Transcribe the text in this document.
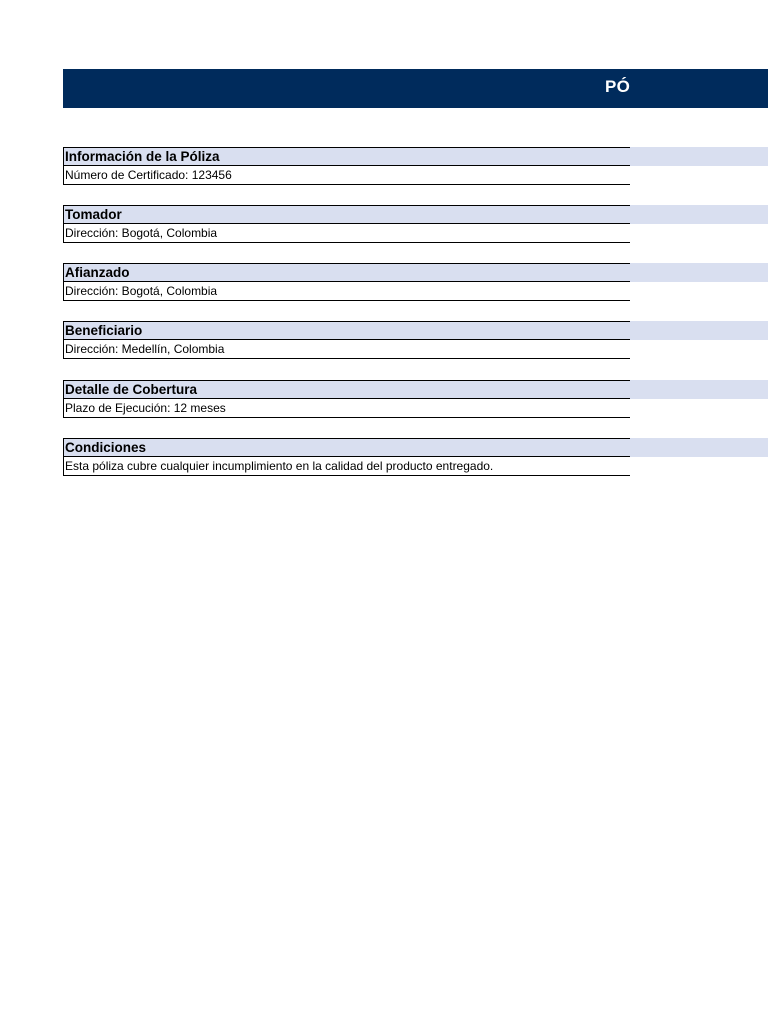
PÓ
Información de la Póliza
Número de Certificado: 123456
Tomador
Dirección: Bogotá, Colombia
Afianzado
Dirección: Bogotá, Colombia
Beneficiario
Dirección: Medellín, Colombia
Detalle de Cobertura
Plazo de Ejecución: 12 meses
Condiciones
Esta póliza cubre cualquier incumplimiento en la calidad del producto entregado.
